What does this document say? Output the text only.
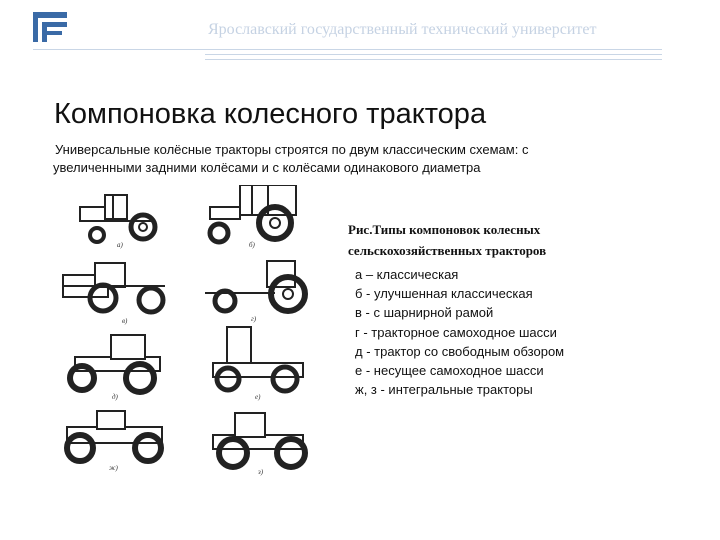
Ярославский государственный технический университет
Компоновка колесного трактора
Универсальные колёсные тракторы строятся по двум классическим схемам: с
увеличенными задними колёсами и с колёсами одинакового диаметра
а)	б)
в)	г)
д)	е)
ж)	з)
Рис.Типы компоновок колесных
сельскохозяйственных тракторов
а – классическая
б - улучшенная классическая
в - с шарнирной рамой
г - тракторное самоходное шасси
д - трактор со свободным обзором
е - несущее самоходное шасси
ж, з - интегральные тракторы
